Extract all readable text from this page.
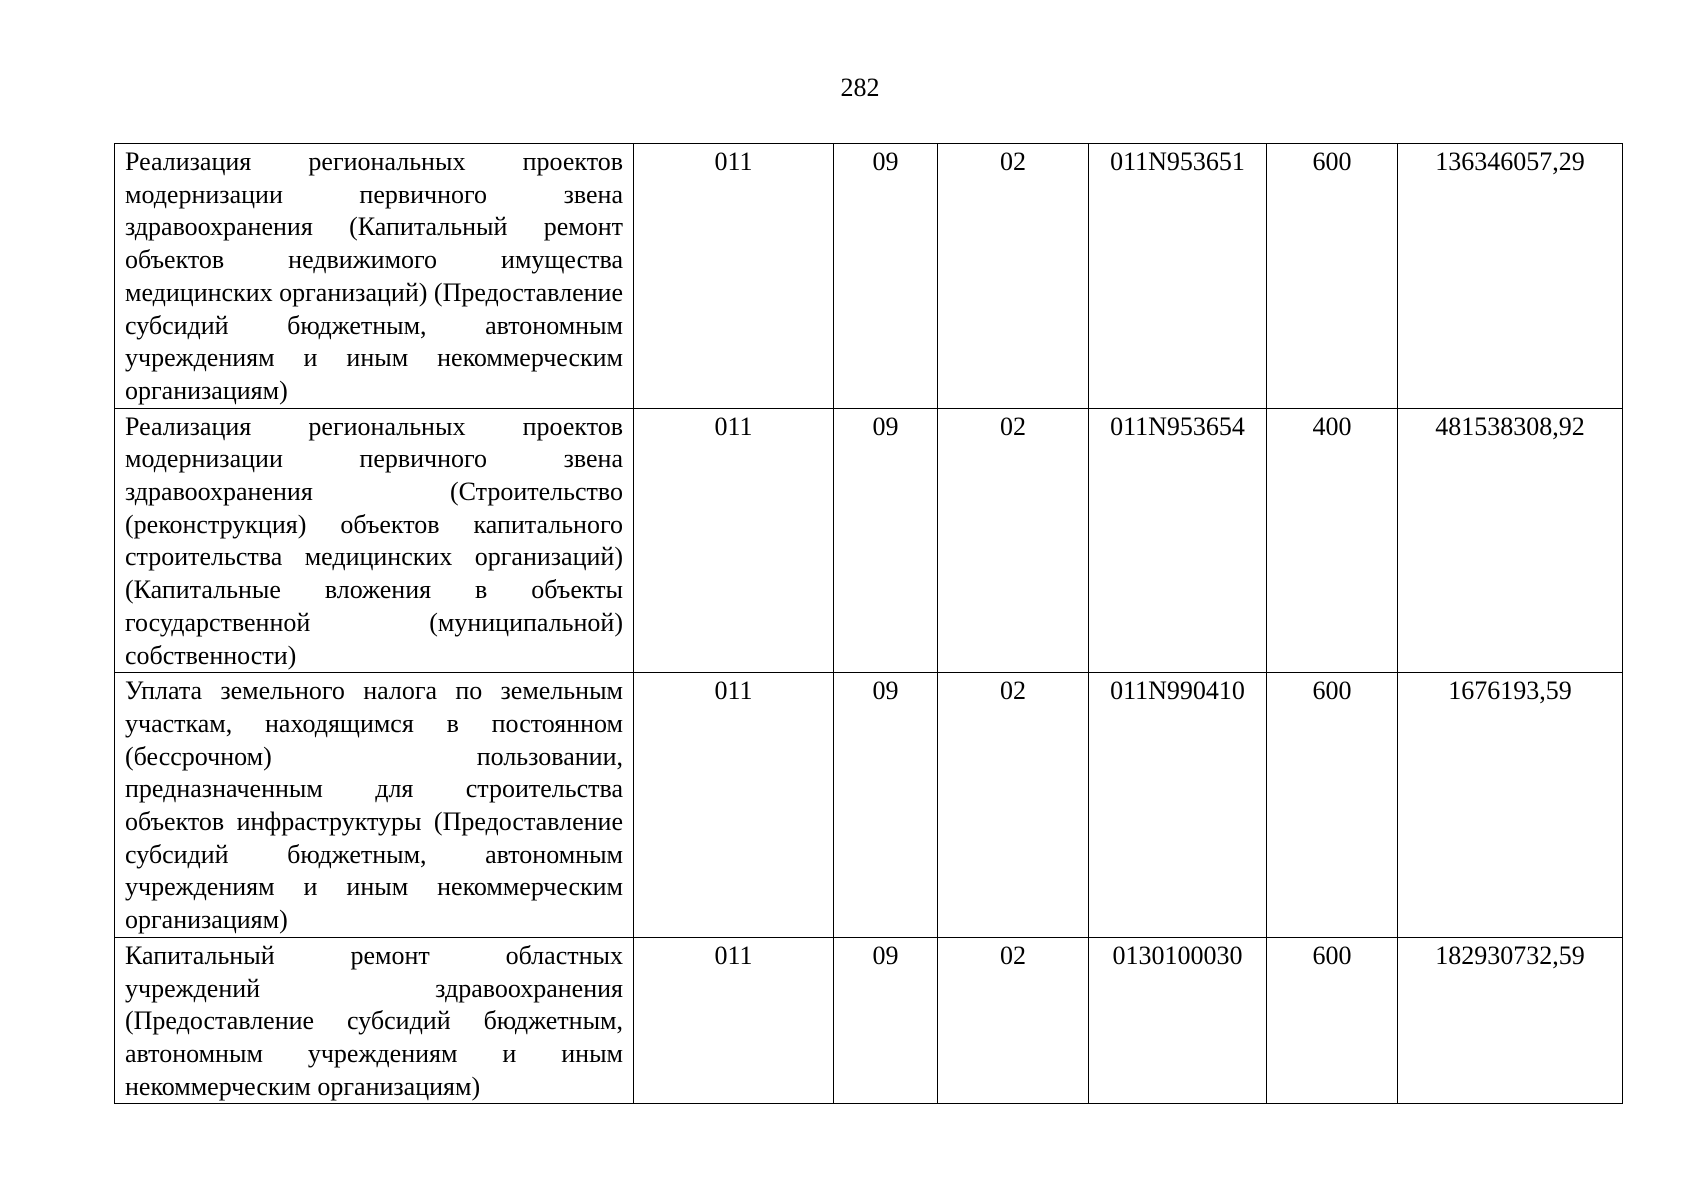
282
Реализация региональных проектов модернизации первичного звена здравоохранения (Капитальный ремонт объектов недвижимого имущества медицинских организаций) (Предоставление субсидий бюджетным, автономным учреждениям и иным некоммерческим организациям)	011	09	02	011N953651	600	136346057,29
Реализация региональных проектов модернизации первичного звена здравоохранения (Строительство (реконструкция) объектов капитального строительства медицинских организаций) (Капитальные вложения в объекты государственной (муниципальной) собственности)	011	09	02	011N953654	400	481538308,92
Уплата земельного налога по земельным участкам, находящимся в постоянном (бессрочном) пользовании, предназначенным для строительства объектов инфраструктуры (Предоставление субсидий бюджетным, автономным учреждениям и иным некоммерческим организациям)	011	09	02	011N990410	600	1676193,59
Капитальный ремонт областных учреждений здравоохранения (Предоставление субсидий бюджетным, автономным учреждениям и иным некоммерческим организациям)	011	09	02	0130100030	600	182930732,59
